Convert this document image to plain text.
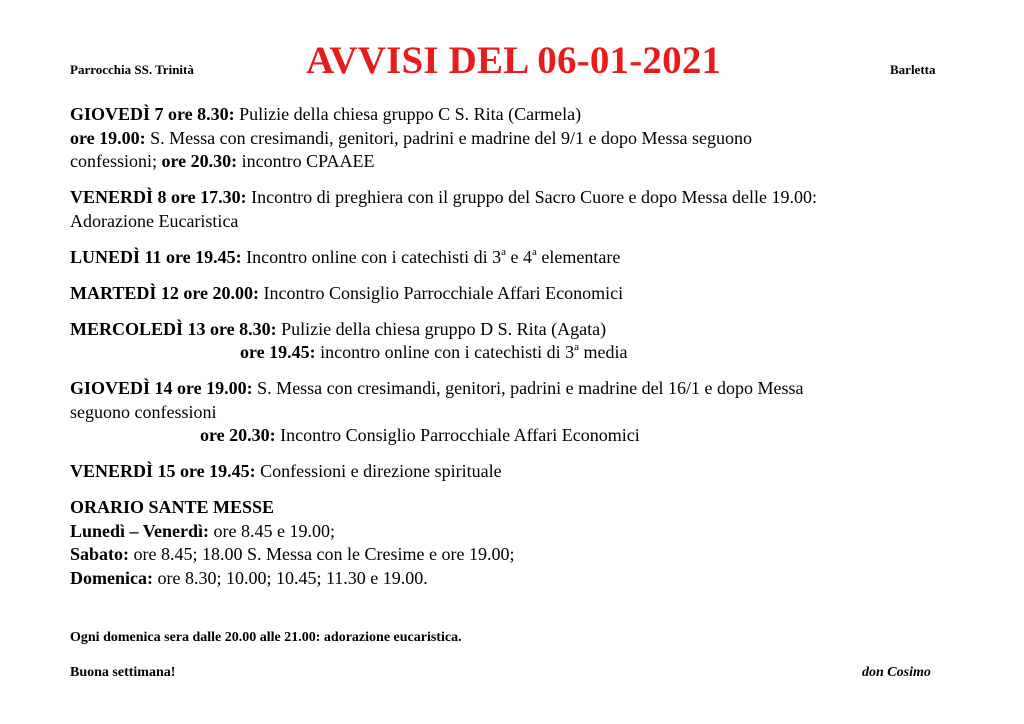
Parrocchia SS. Trinità	AVVISI DEL 06-01-2021	Barletta
GIOVEDÌ 7 ore 8.30: Pulizie della chiesa gruppo C S. Rita (Carmela)
ore 19.00: S. Messa con cresimandi, genitori, padrini e madrine del 9/1 e dopo Messa seguono
confessioni; ore 20.30: incontro CPAAEE
VENERDÌ 8 ore 17.30: Incontro di preghiera con il gruppo del Sacro Cuore e dopo Messa delle 19.00:
Adorazione Eucaristica
LUNEDÌ 11 ore 19.45: Incontro online con i catechisti di 3$^a$ e 4$^a$ elementare
MARTEDÌ 12 ore 20.00: Incontro Consiglio Parrocchiale Affari Economici
MERCOLEDÌ 13 ore 8.30: Pulizie della chiesa gruppo D S. Rita (Agata)
ore 19.45: incontro online con i catechisti di 3$^a$ media
GIOVEDÌ 14 ore 19.00: S. Messa con cresimandi, genitori, padrini e madrine del 16/1 e dopo Messa
seguono confessioni
ore 20.30: Incontro Consiglio Parrocchiale Affari Economici
VENERDÌ 15 ore 19.45: Confessioni e direzione spirituale
ORARIO SANTE MESSE
Lunedì – Venerdì: ore 8.45 e 19.00;
Sabato: ore 8.45; 18.00 S. Messa con le Cresime e ore 19.00;
Domenica: ore 8.30; 10.00; 10.45; 11.30 e 19.00.
Ogni domenica sera dalle 20.00 alle 21.00: adorazione eucaristica.
Buona settimana!	don Cosimo
